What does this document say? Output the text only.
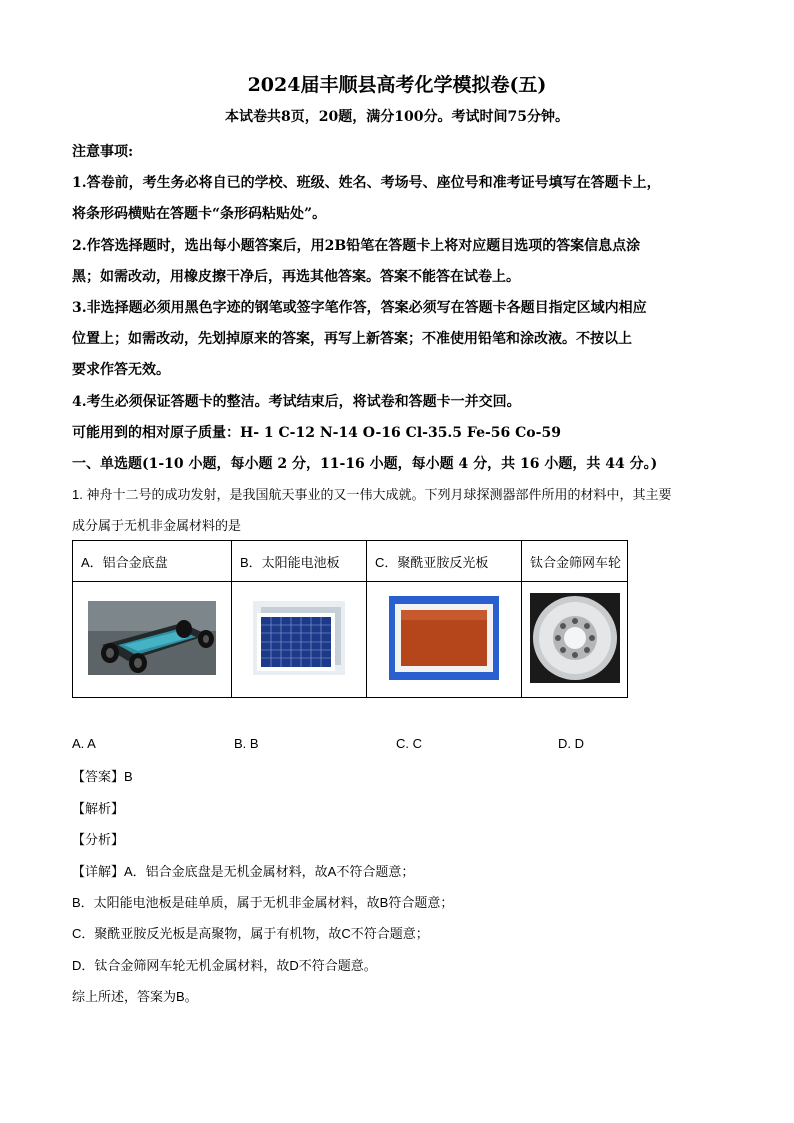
2024届丰顺县高考化学模拟卷(五)
本试卷共8页，20题，满分100分。考试时间75分钟。
注意事项:
1.答卷前，考生务必将自已的学校、班级、姓名、考场号、座位号和准考证号填写在答题卡上，
将条形码横贴在答题卡“条形码粘贴处”。
2.作答选择题时，选出每小题答案后，用2B铅笔在答题卡上将对应题目选项的答案信息点涂
黑；如需改动，用橡皮擦干净后，再选其他答案。答案不能答在试卷上。
3.非选择题必须用黑色字迹的钢笔或签字笔作答，答案必须写在答题卡各题目指定区域内相应
位置上；如需改动，先划掉原来的答案，再写上新答案；不准使用铅笔和涂改液。不按以上
要求作答无效。
4.考生必须保证答题卡的整洁。考试结束后，将试卷和答题卡一并交回。
可能用到的相对原子质量：H- 1 C-12 N-14 O-16 Cl-35.5 Fe-56 Co-59
一、单选题(1-10 小题，每小题 2 分，11-16 小题，每小题 4 分，共 16 小题，共 44 分。)
1. 神舟十二号的成功发射，是我国航天事业的又一伟大成就。下列月球探测器部件所用的材料中，其主要
成分属于无机非金属材料的是
A．铝合金底盘	B．太阳能电池板	C．聚酰亚胺反光板	钛合金筛网车轮

A. A	B. B	C. C	D. D
【答案】B
【解析】
【分析】
【详解】A．铝合金底盘是无机金属材料，故A不符合题意；
B．太阳能电池板是硅单质，属于无机非金属材料，故B符合题意；
C．聚酰亚胺反光板是高聚物，属于有机物，故C不符合题意；
D．钛合金筛网车轮无机金属材料，故D不符合题意。
综上所述，答案为B。
